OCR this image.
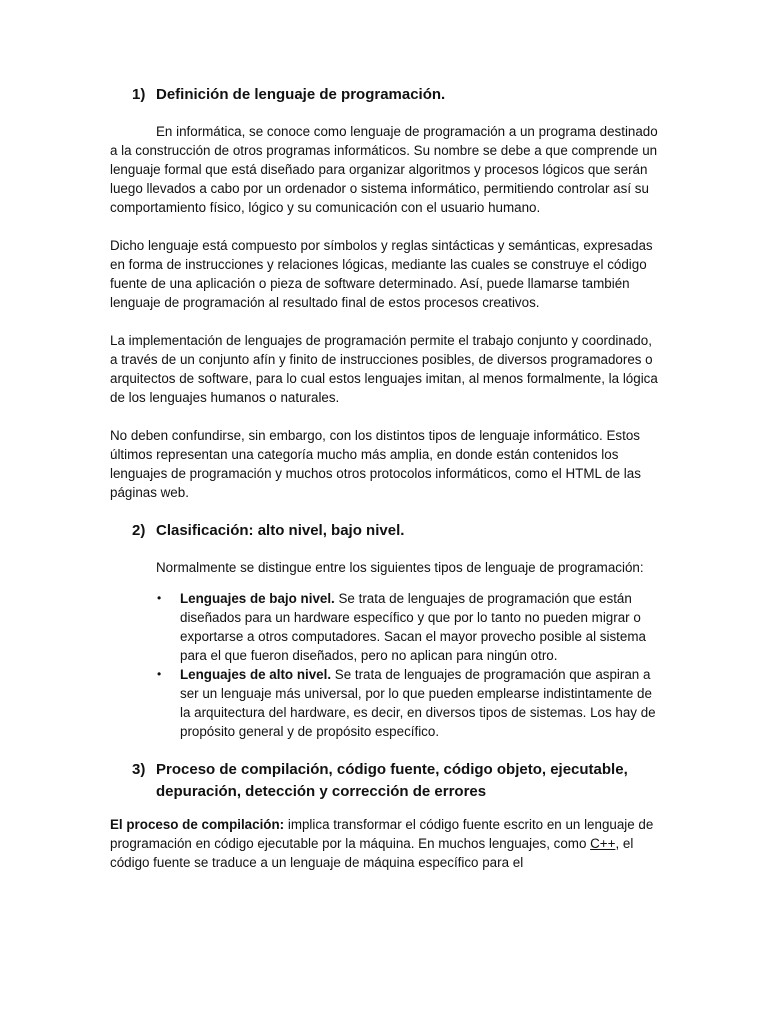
1) Definición de lenguaje de programación.

En informática, se conoce como lenguaje de programación a un programa destinado a la construcción de otros programas informáticos. Su nombre se debe a que comprende un lenguaje formal que está diseñado para organizar algoritmos y procesos lógicos que serán luego llevados a cabo por un ordenador o sistema informático, permitiendo controlar así su comportamiento físico, lógico y su comunicación con el usuario humano.

Dicho lenguaje está compuesto por símbolos y reglas sintácticas y semánticas, expresadas en forma de instrucciones y relaciones lógicas, mediante las cuales se construye el código fuente de una aplicación o pieza de software determinado. Así, puede llamarse también lenguaje de programación al resultado final de estos procesos creativos.

La implementación de lenguajes de programación permite el trabajo conjunto y coordinado, a través de un conjunto afín y finito de instrucciones posibles, de diversos programadores o arquitectos de software, para lo cual estos lenguajes imitan, al menos formalmente, la lógica de los lenguajes humanos o naturales.

No deben confundirse, sin embargo, con los distintos tipos de lenguaje informático. Estos últimos representan una categoría mucho más amplia, en donde están contenidos los lenguajes de programación y muchos otros protocolos informáticos, como el HTML de las páginas web.

2) Clasificación: alto nivel, bajo nivel.

Normalmente se distingue entre los siguientes tipos de lenguaje de programación:

• Lenguajes de bajo nivel. Se trata de lenguajes de programación que están diseñados para un hardware específico y que por lo tanto no pueden migrar o exportarse a otros computadores. Sacan el mayor provecho posible al sistema para el que fueron diseñados, pero no aplican para ningún otro.
• Lenguajes de alto nivel. Se trata de lenguajes de programación que aspiran a ser un lenguaje más universal, por lo que pueden emplearse indistintamente de la arquitectura del hardware, es decir, en diversos tipos de sistemas. Los hay de propósito general y de propósito específico.
3) Proceso de compilación, código fuente, código objeto, ejecutable, depuración, detección y corrección de errores

El proceso de compilación: implica transformar el código fuente escrito en un lenguaje de programación en código ejecutable por la máquina. En muchos lenguajes, como C++, el código fuente se traduce a un lenguaje de máquina específico para el
